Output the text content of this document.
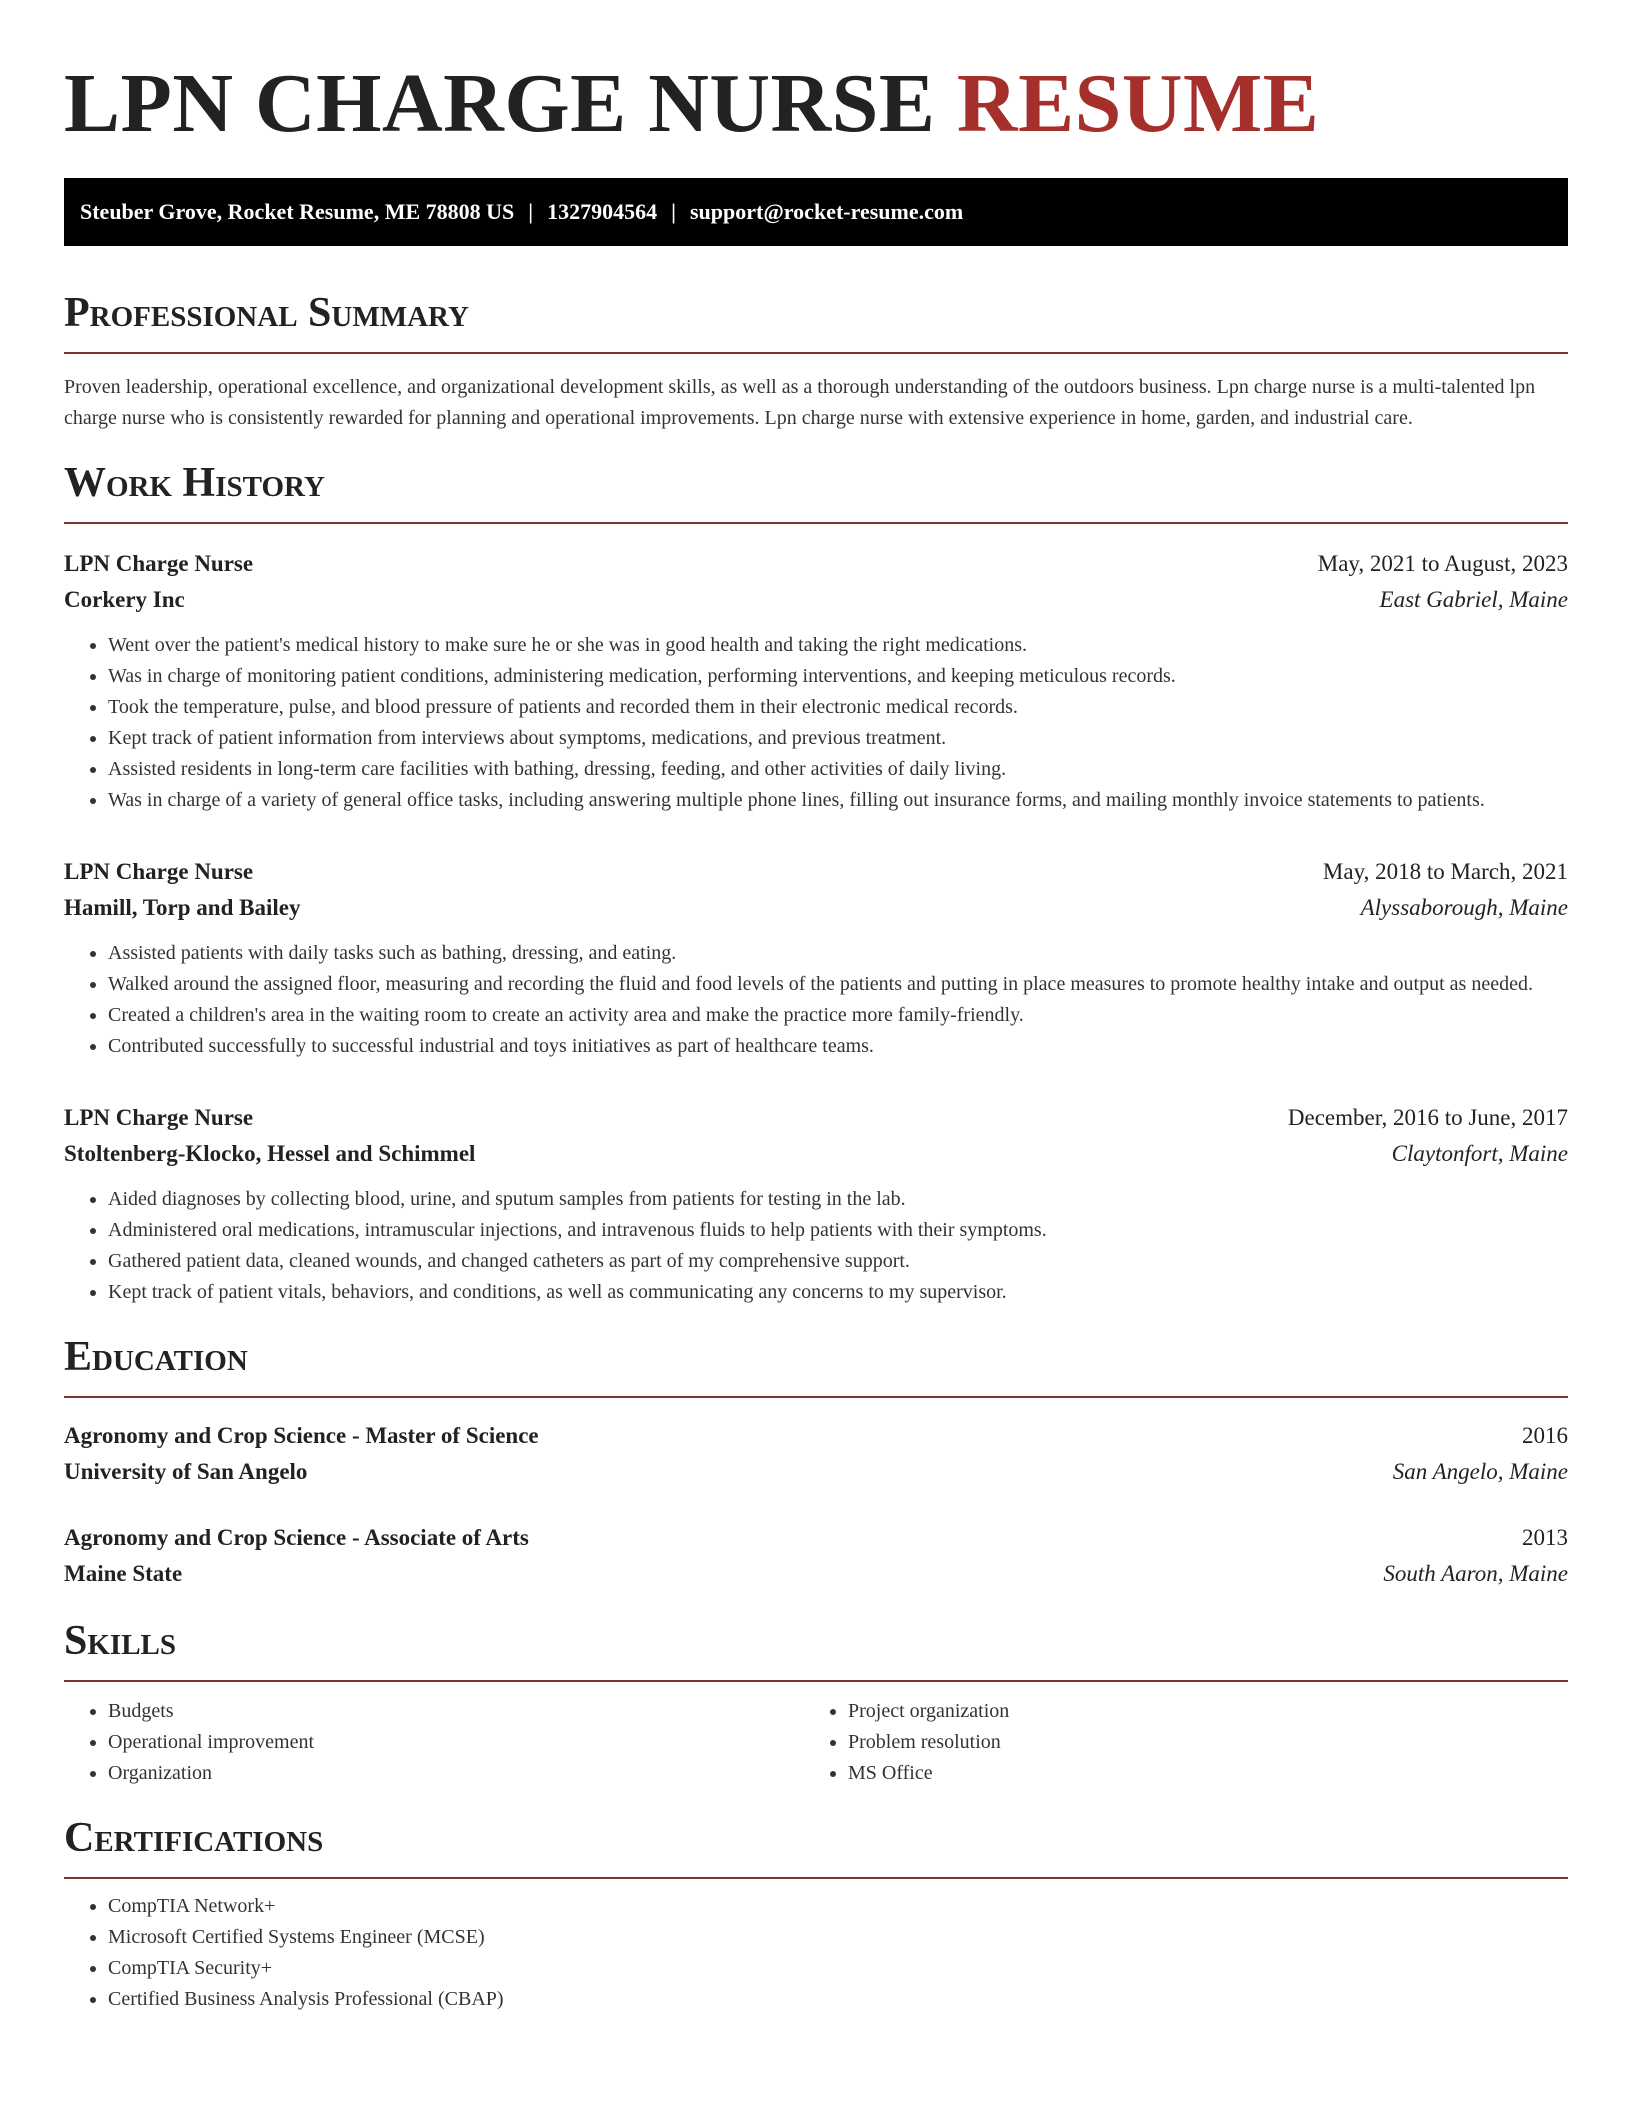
LPN CHARGE NURSE RESUME
Steuber Grove, Rocket Resume, ME 78808 US | 1327904564 | support@rocket-resume.com
Professional Summary

Proven leadership, operational excellence, and organizational development skills, as well as a thorough understanding of the outdoors business. Lpn charge nurse is a multi-talented lpn charge nurse who is consistently rewarded for planning and operational improvements. Lpn charge nurse with extensive experience in home, garden, and industrial care.

Work History
LPN Charge Nurse	May, 2021 to August, 2023
Corkery Inc	East Gabriel, Maine
• Went over the patient's medical history to make sure he or she was in good health and taking the right medications.
• Was in charge of monitoring patient conditions, administering medication, performing interventions, and keeping meticulous records.
• Took the temperature, pulse, and blood pressure of patients and recorded them in their electronic medical records.
• Kept track of patient information from interviews about symptoms, medications, and previous treatment.
• Assisted residents in long-term care facilities with bathing, dressing, feeding, and other activities of daily living.
• Was in charge of a variety of general office tasks, including answering multiple phone lines, filling out insurance forms, and mailing monthly invoice statements to patients.
LPN Charge Nurse	May, 2018 to March, 2021
Hamill, Torp and Bailey	Alyssaborough, Maine
• Assisted patients with daily tasks such as bathing, dressing, and eating.
• Walked around the assigned floor, measuring and recording the fluid and food levels of the patients and putting in place measures to promote healthy intake and output as needed.
• Created a children's area in the waiting room to create an activity area and make the practice more family-friendly.
• Contributed successfully to successful industrial and toys initiatives as part of healthcare teams.
LPN Charge Nurse	December, 2016 to June, 2017
Stoltenberg-Klocko, Hessel and Schimmel	Claytonfort, Maine
• Aided diagnoses by collecting blood, urine, and sputum samples from patients for testing in the lab.
• Administered oral medications, intramuscular injections, and intravenous fluids to help patients with their symptoms.
• Gathered patient data, cleaned wounds, and changed catheters as part of my comprehensive support.
• Kept track of patient vitals, behaviors, and conditions, as well as communicating any concerns to my supervisor.
Education
Agronomy and Crop Science - Master of Science	2016
University of San Angelo	San Angelo, Maine
Agronomy and Crop Science - Associate of Arts	2013
Maine State	South Aaron, Maine
Skills
• Budgets
• Operational improvement
• Organization
• Project organization
• Problem resolution
• MS Office
Certifications
• CompTIA Network+
• Microsoft Certified Systems Engineer (MCSE)
• CompTIA Security+
• Certified Business Analysis Professional (CBAP)
